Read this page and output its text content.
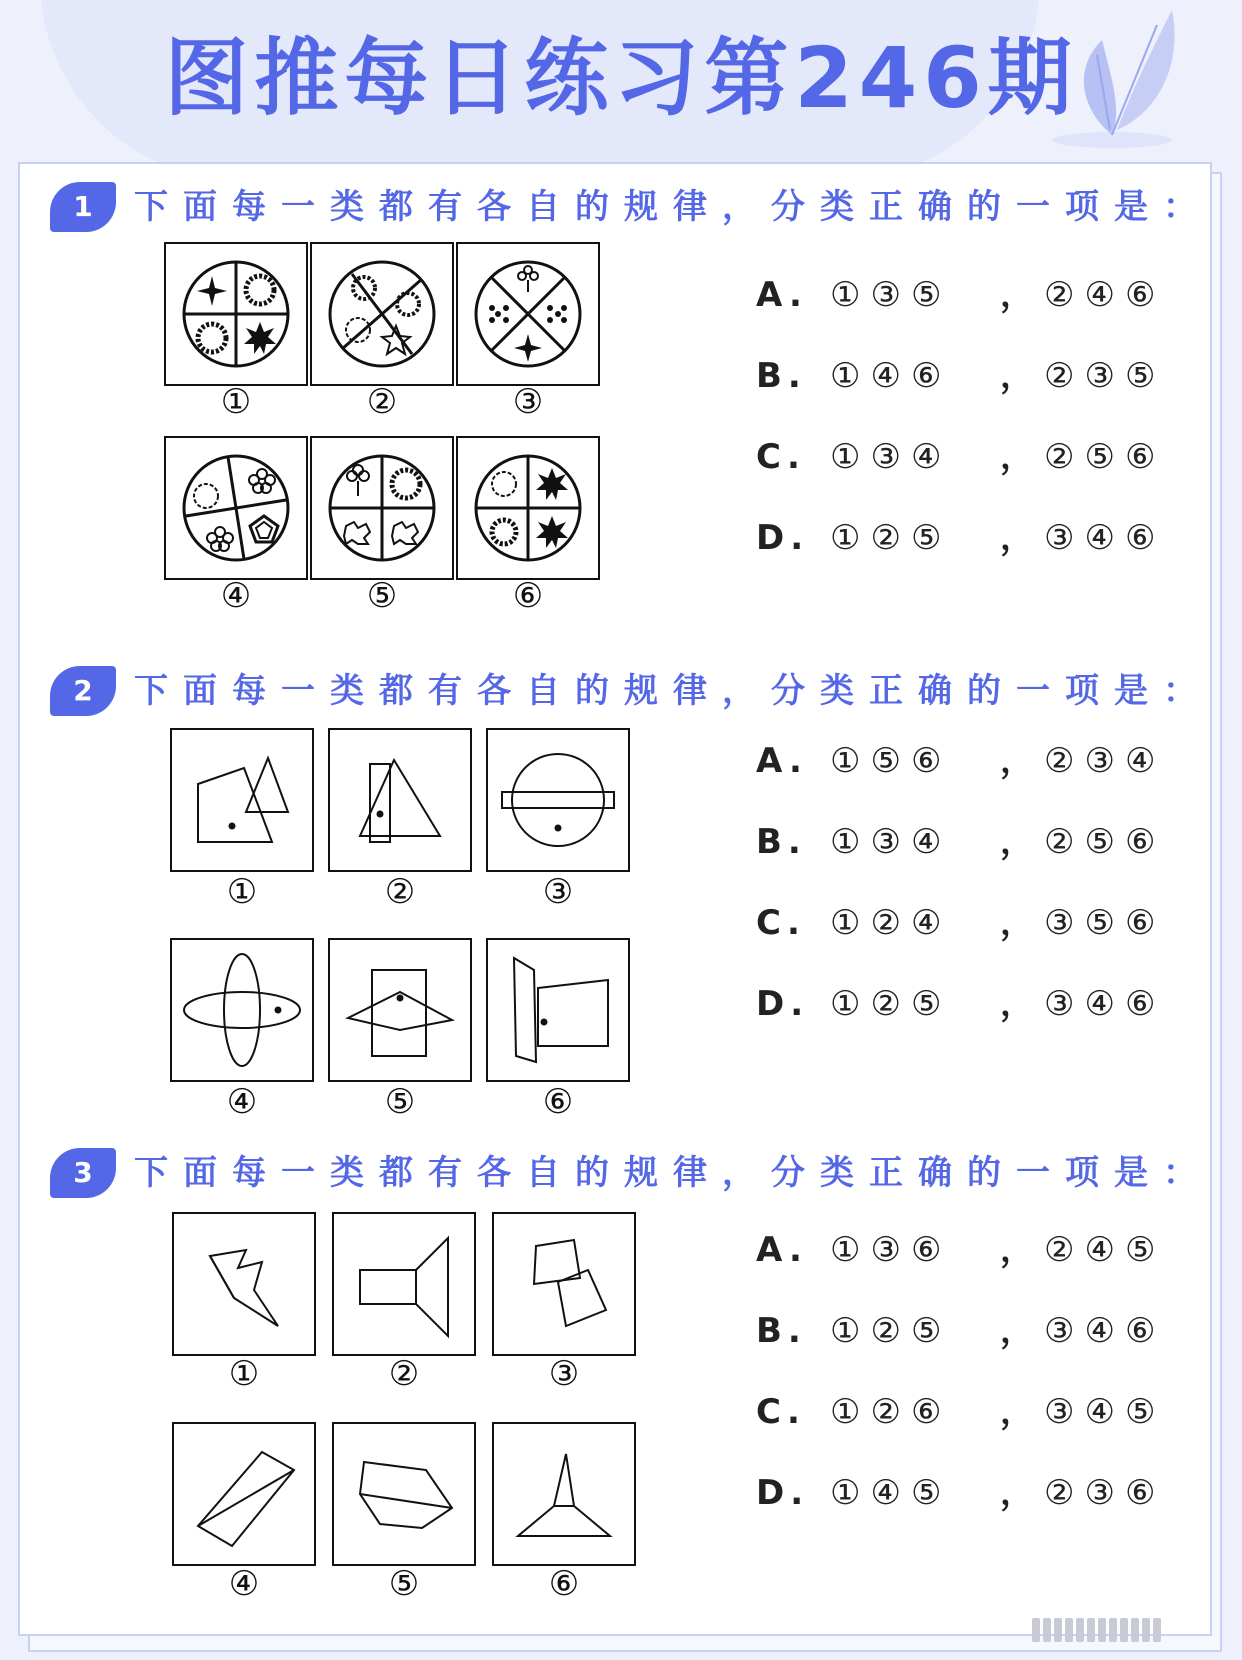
图推每日练习第246期
1	下面每一类都有各自的规律，分类正确的一项是：
①	②	③
④	⑤	⑥
A. ①③⑤ ， ②④⑥
B. ①④⑥ ， ②③⑤
C. ①③④ ， ②⑤⑥
D. ①②⑤ ， ③④⑥
2	下面每一类都有各自的规律，分类正确的一项是：
①	②	③
④	⑤	⑥
A. ①⑤⑥ ， ②③④
B. ①③④ ， ②⑤⑥
C. ①②④ ， ③⑤⑥
D. ①②⑤ ， ③④⑥
3	下面每一类都有各自的规律，分类正确的一项是：
①	②	③
④	⑤	⑥
A. ①③⑥ ， ②④⑤
B. ①②⑤ ， ③④⑥
C. ①②⑥ ， ③④⑤
D. ①④⑤ ， ②③⑥
